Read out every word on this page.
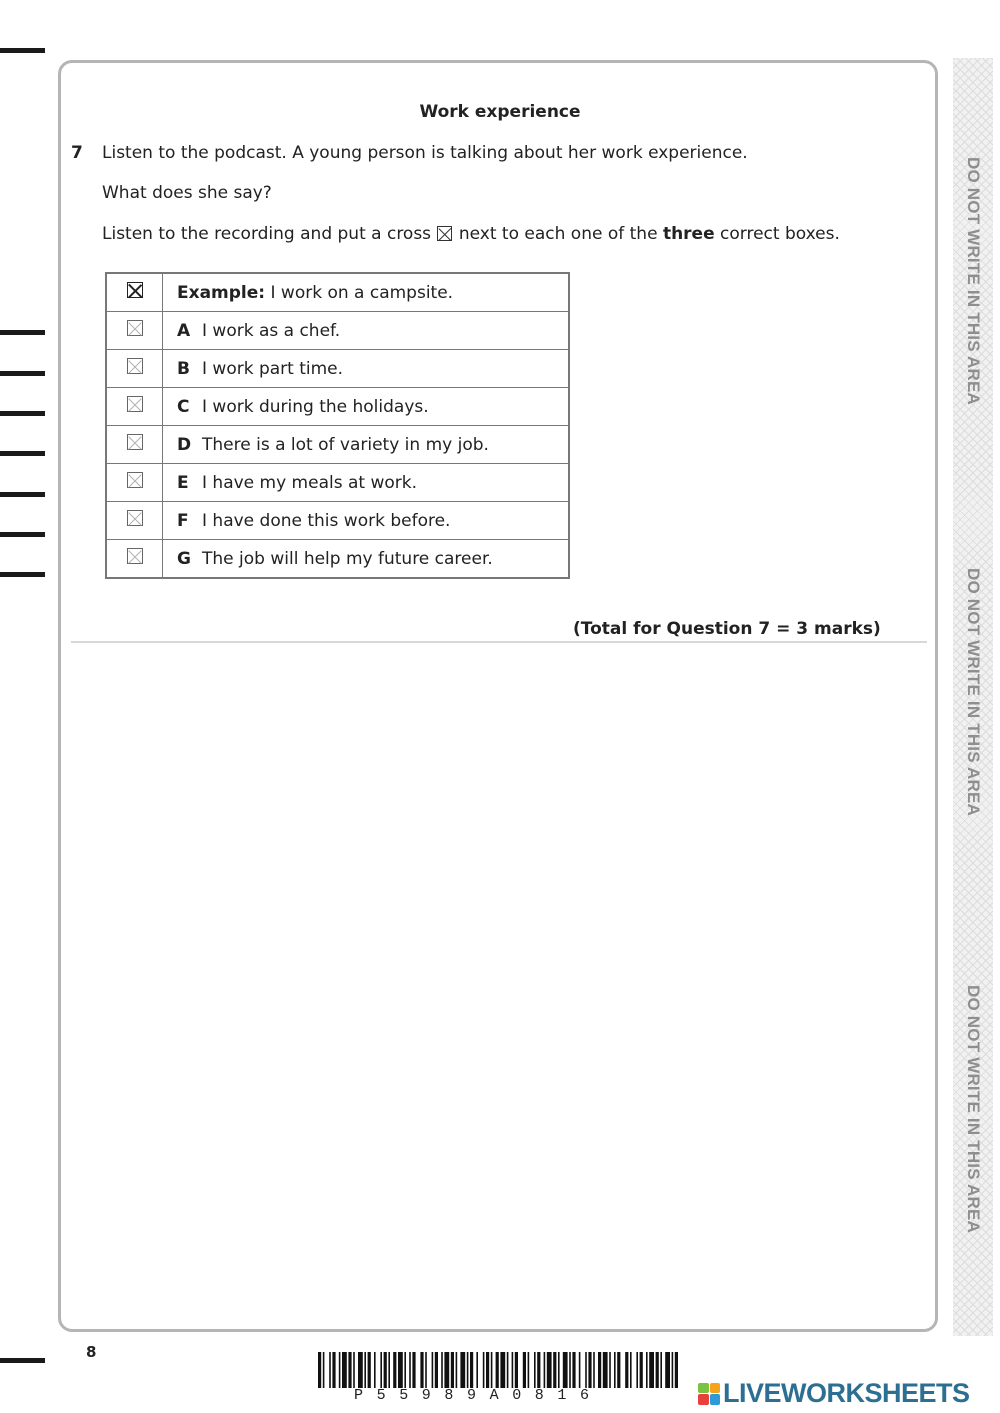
DO NOT WRITE IN THIS AREA
DO NOT WRITE IN THIS AREA
DO NOT WRITE IN THIS AREA
Work experience
7 Listen to the podcast. A young person is talking about her work experience.
What does she say?
Listen to the recording and put a cross ☒ next to each one of the three correct boxes.
	Example: I work on a campsite.
	A I work as a chef.
	B I work part time.
	C I work during the holidays.
	D There is a lot of variety in my job.
	E I have my meals at work.
	F I have done this work before.
	G The job will help my future career.
(Total for Question 7 = 3 marks)
8
P55989A0816	LIVEWORKSHEETS
